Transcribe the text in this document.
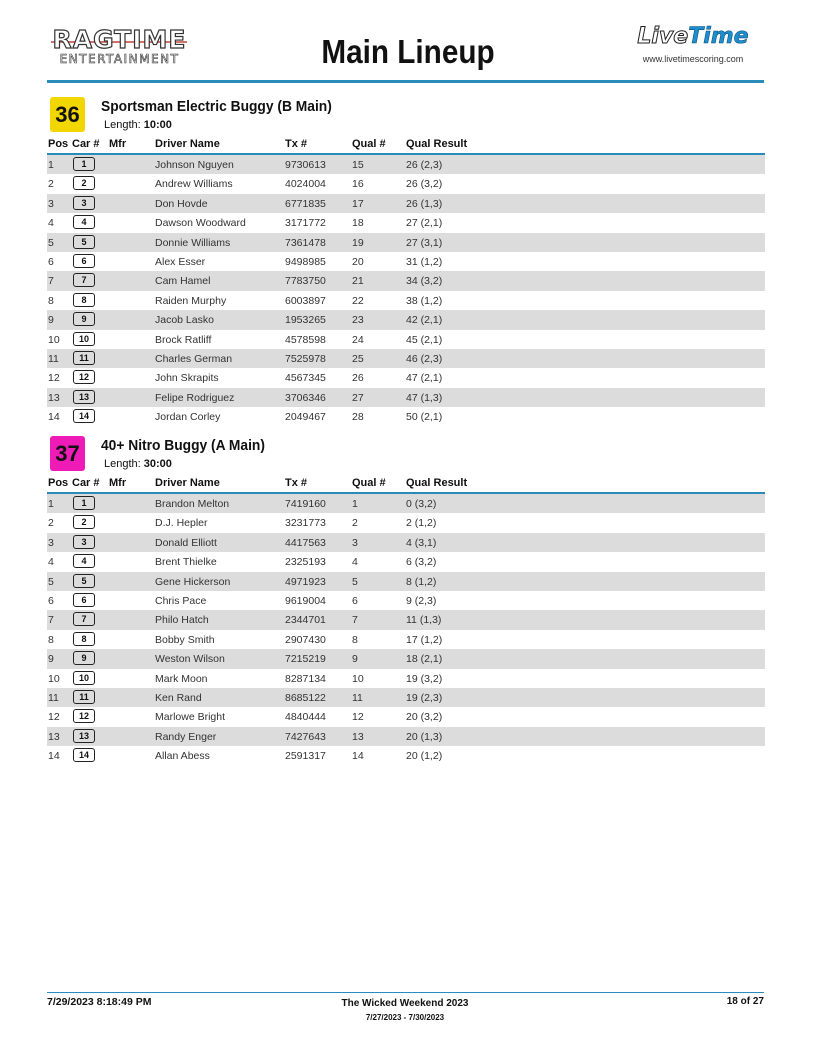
RAGTIME
ENTERTAINMENT	Main Lineup	LiveTime
www.livetimescoring.com
36	Sportsman Electric Buggy (B Main)
Length: 10:00
Pos Car # Mfr	Driver Name	Tx #	Qual # Qual Result
1	1	Johnson Nguyen	9730613 15	26 (2,3)
2	2	Andrew Williams	4024004 16	26 (3,2)
3	3	Don Hovde	6771835 17	26 (1,3)
4	4	Dawson Woodward	3171772 18	27 (2,1)
5	5	Donnie Williams	7361478 19	27 (3,1)
6	6	Alex Esser	9498985 20	31 (1,2)
7	7	Cam Hamel	7783750 21	34 (3,2)
8	8	Raiden Murphy	6003897 22	38 (1,2)
9	9	Jacob Lasko	1953265 23	42 (2,1)
10	10	Brock Ratliff	4578598 24	45 (2,1)
11	11	Charles German	7525978 25	46 (2,3)
12	12	John Skrapits	4567345 26	47 (2,1)
13	13	Felipe Rodriguez	3706346 27	47 (1,3)
14	14	Jordan Corley	2049467 28	50 (2,1)
37	40+ Nitro Buggy (A Main)
Length: 30:00
Pos Car # Mfr	Driver Name	Tx #	Qual # Qual Result
1	1	Brandon Melton	7419160 1	0 (3,2)
2	2	D.J. Hepler	3231773 2	2 (1,2)
3	3	Donald Elliott	4417563 3	4 (3,1)
4	4	Brent Thielke	2325193 4	6 (3,2)
5	5	Gene Hickerson	4971923 5	8 (1,2)
6	6	Chris Pace	9619004 6	9 (2,3)
7	7	Philo Hatch	2344701 7	11 (1,3)
8	8	Bobby Smith	2907430 8	17 (1,2)
9	9	Weston Wilson	7215219 9	18 (2,1)
10	10	Mark Moon	8287134 10	19 (3,2)
11	11	Ken Rand	8685122 11	19 (2,3)
12	12	Marlowe Bright	4840444 12	20 (3,2)
13	13	Randy Enger	7427643 13	20 (1,3)
14	14	Allan Abess	2591317 14	20 (1,2)
7/29/2023 8:18:49 PM	The Wicked Weekend 2023
7/27/2023 - 7/30/2023
18 of 27
